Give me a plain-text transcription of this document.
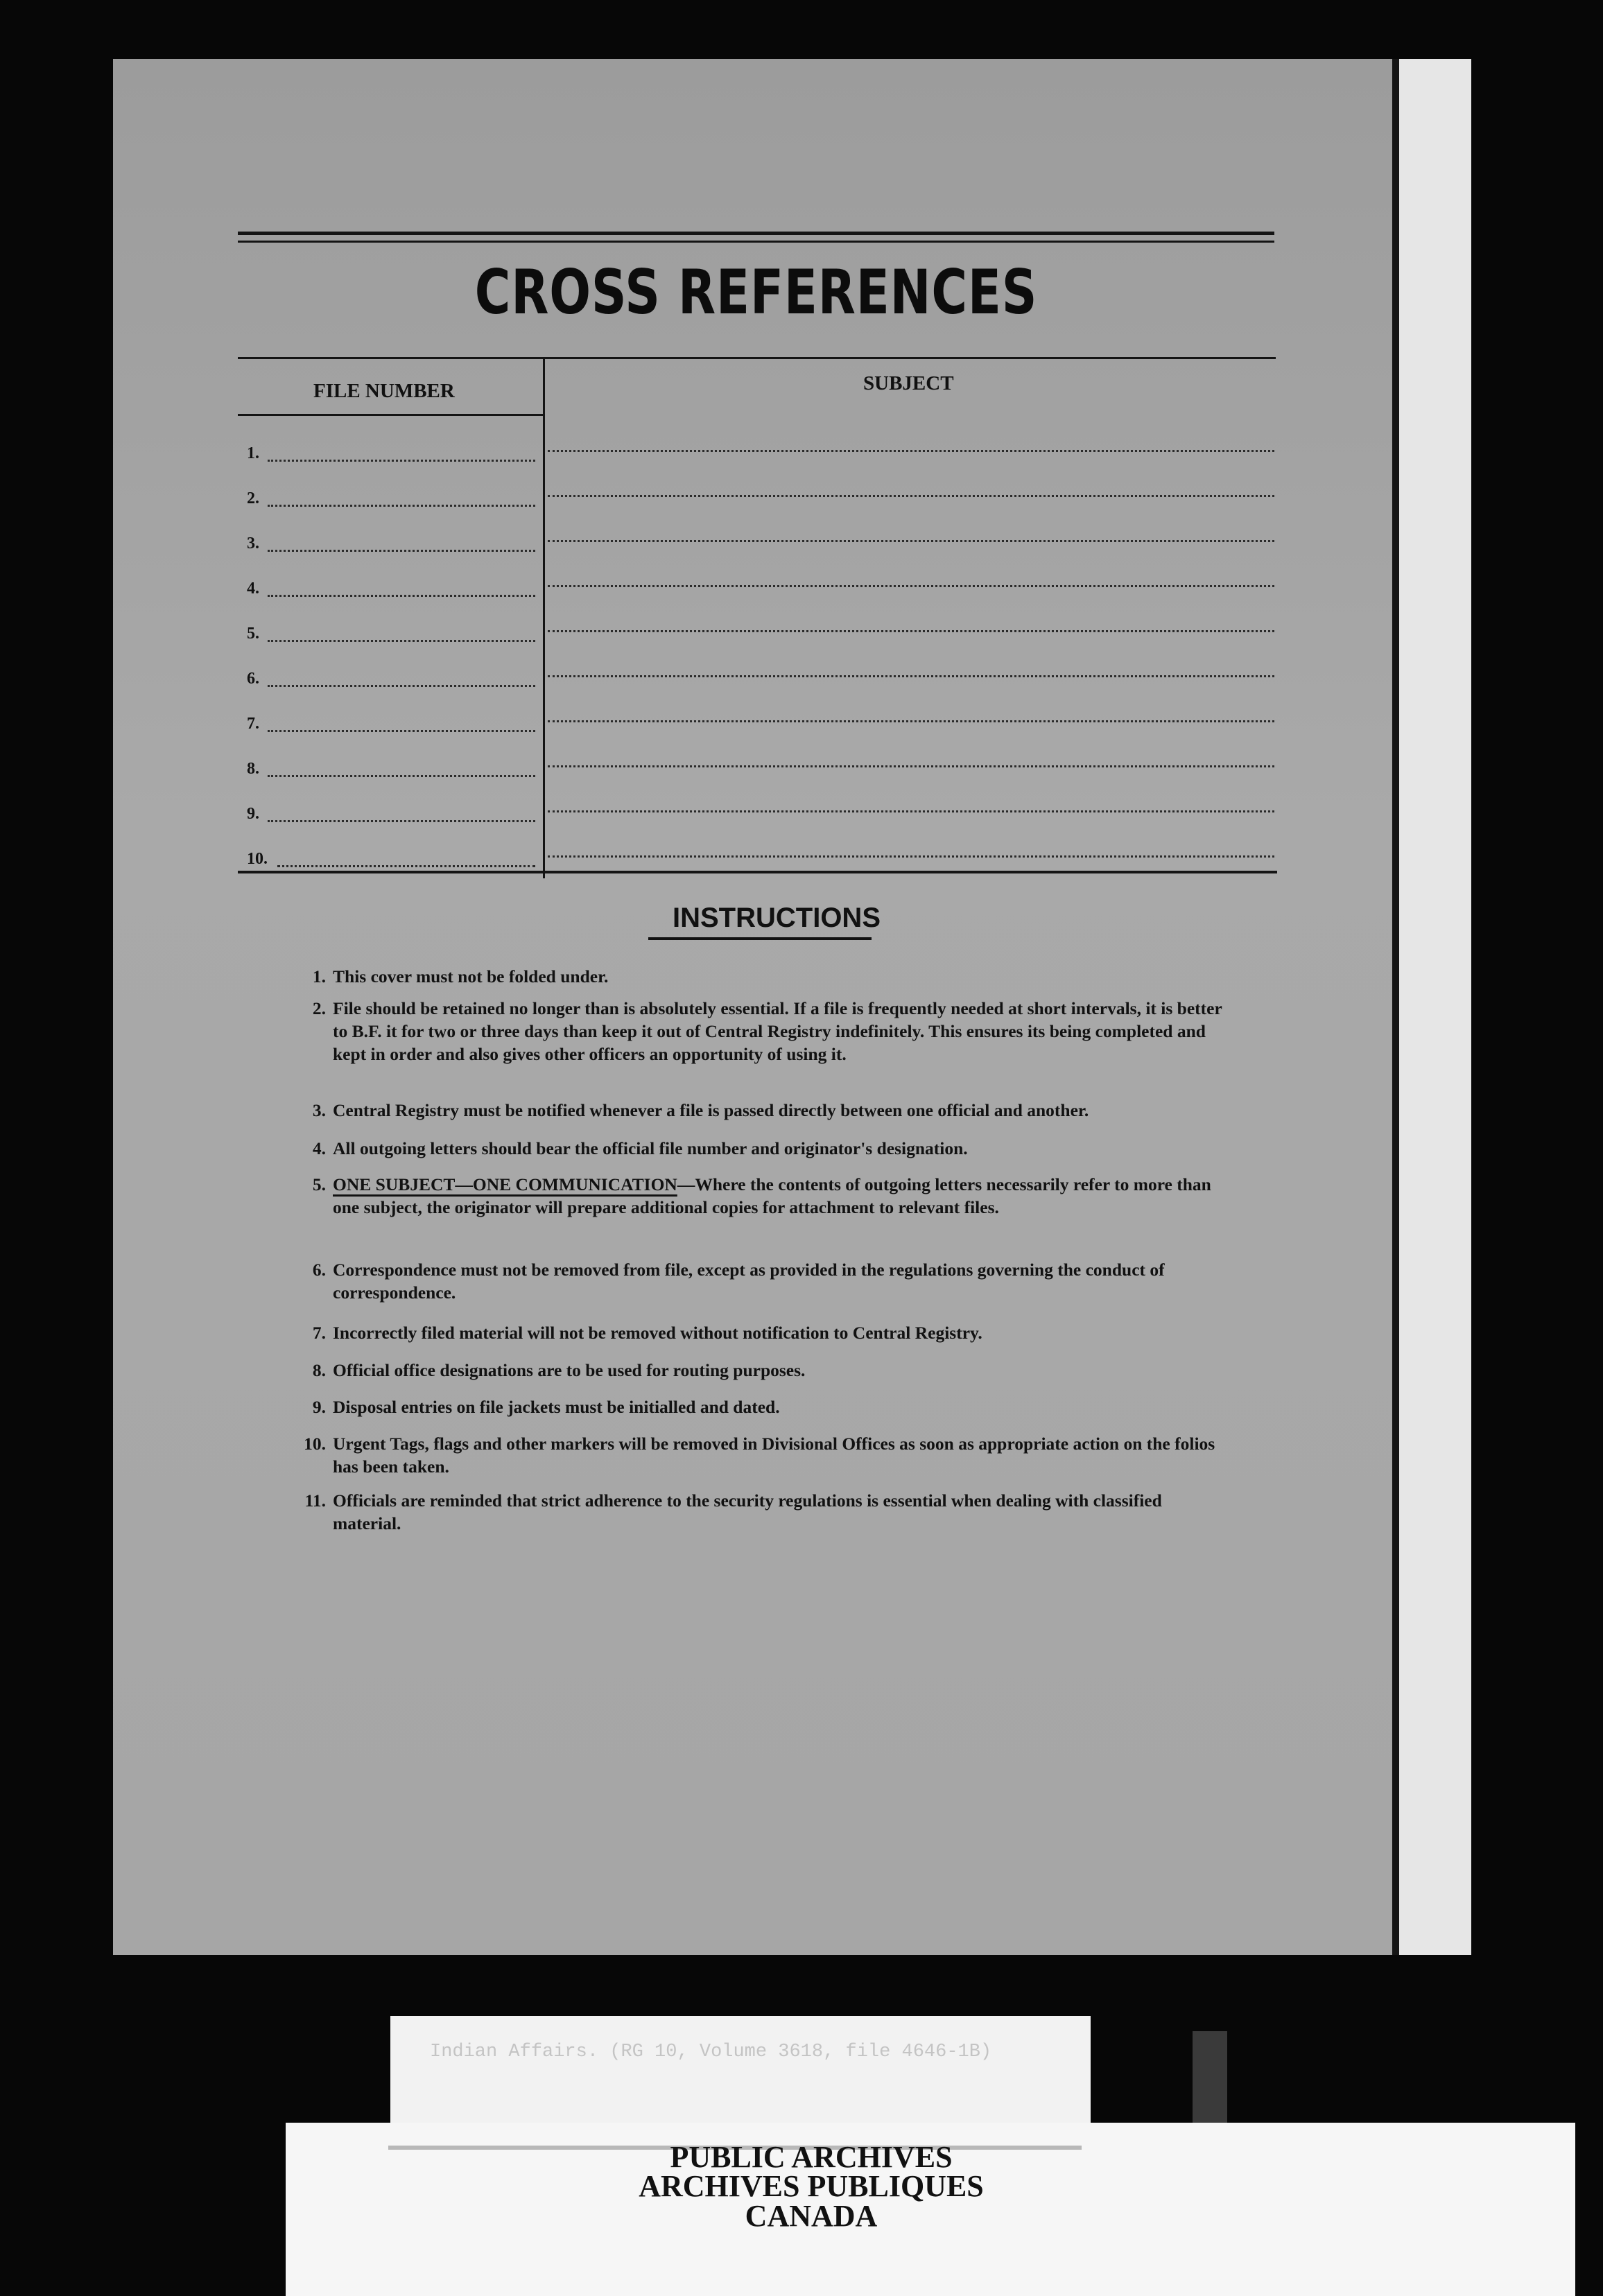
CROSS REFERENCES
FILE NUMBER	SUBJECT
1.
2.
3.
4.
5.
6.
7.
8.
9.
10.
INSTRUCTIONS
1. This cover must not be folded under.
2. File should be retained no longer than is absolutely essential. If a file is frequently needed at short intervals, it is better to B.F. it for two or three days than keep it out of Central Registry indefinitely. This ensures its being completed and kept in order and also gives other officers an opportunity of using it.
3. Central Registry must be notified whenever a file is passed directly between one official and another.
4. All outgoing letters should bear the official file number and originator's designation.
5. ONE SUBJECT—ONE COMMUNICATION—Where the contents of outgoing letters necessarily refer to more than one subject, the originator will prepare additional copies for attachment to relevant files.
6. Correspondence must not be removed from file, except as provided in the regulations governing the conduct of correspondence.
7. Incorrectly filed material will not be removed without notification to Central Registry.
8. Official office designations are to be used for routing purposes.
9. Disposal entries on file jackets must be initialled and dated.
10. Urgent Tags, flags and other markers will be removed in Divisional Offices as soon as appropriate action on the folios has been taken.
11. Officials are reminded that strict adherence to the security regulations is essential when dealing with classified material.
Indian Affairs. (RG 10, Volume 3618, file 4646-1B)
PUBLIC ARCHIVES
ARCHIVES PUBLIQUES
CANADA
